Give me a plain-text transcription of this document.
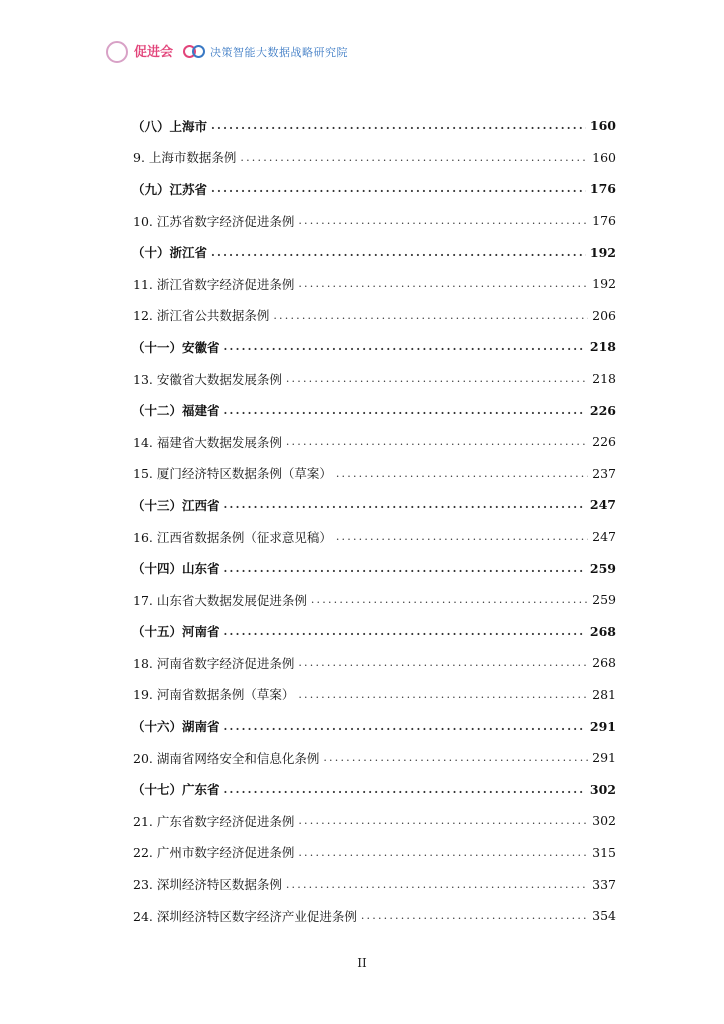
促进会	决策智能大数据战略研究院
（八）上海市 .....	160
9. 上海市数据条例 .....	160
（九）江苏省 .....	176
10. 江苏省数字经济促进条例 .....	176
（十）浙江省 .....	192
11. 浙江省数字经济促进条例 .....	192
12. 浙江省公共数据条例 .....	206
（十一）安徽省 .....	218
13. 安徽省大数据发展条例 .....	218
（十二）福建省 .....	226
14. 福建省大数据发展条例 .....	226
15. 厦门经济特区数据条例（草案） .....	237
（十三）江西省 .....	247
16. 江西省数据条例（征求意见稿） .....	247
（十四）山东省 .....	259
17. 山东省大数据发展促进条例 .....	259
（十五）河南省 .....	268
18. 河南省数字经济促进条例 .....	268
19. 河南省数据条例（草案） .....	281
（十六）湖南省 .....	291
20. 湖南省网络安全和信息化条例 .....	291
（十七）广东省 .....	302
21. 广东省数字经济促进条例 .....	302
22. 广州市数字经济促进条例 .....	315
23. 深圳经济特区数据条例 .....	337
24. 深圳经济特区数字经济产业促进条例 .....	354
II
